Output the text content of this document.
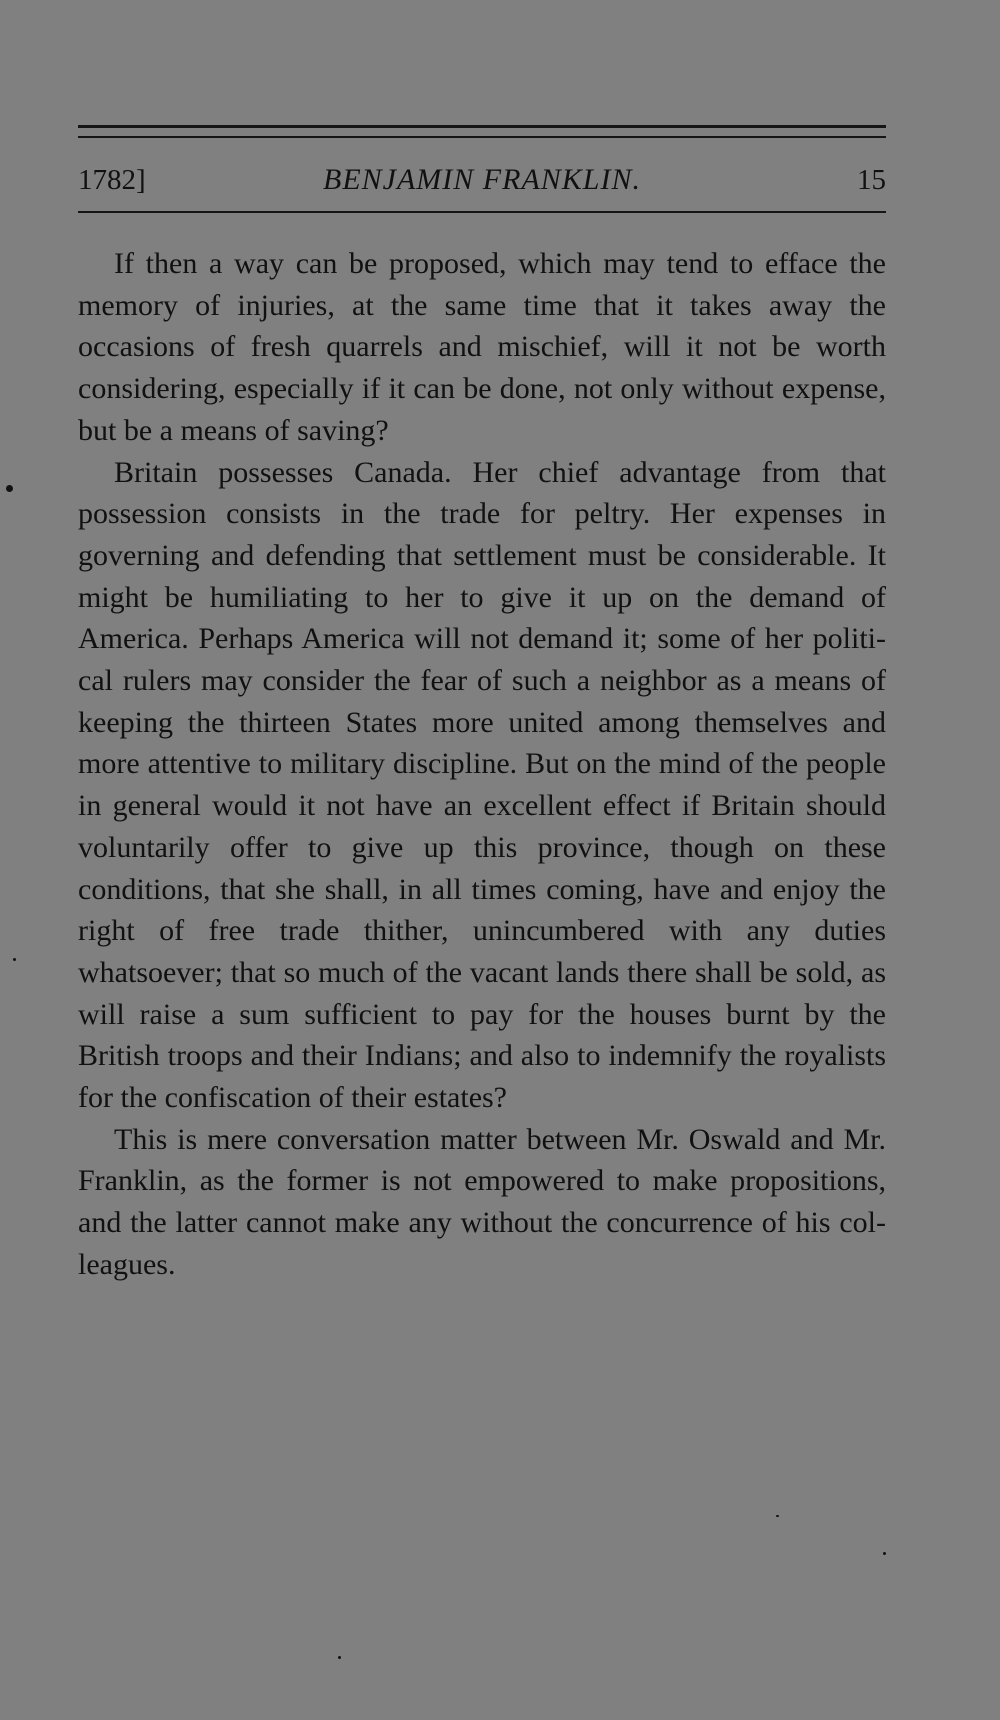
1782]	BENJAMIN FRANKLIN.	15

If then a way can be proposed, which may tend to efface the memory of injuries, at the same time that it takes away the occasions of fresh quarrels and mischief, will it not be worth considering, especially if it can be done, not only without expense, but be a means of saving?

Britain possesses Canada. Her chief advantage from that possession consists in the trade for peltry. Her expenses in governing and defending that settlement must be considerable. It might be humiliating to her to give it up on the demand of America. Perhaps America will not demand it; some of her political rulers may consider the fear of such a neighbor as a means of keeping the thirteen States more united among themselves and more attentive to military discipline. But on the mind of the people in general would it not have an excellent effect if Britain should voluntarily offer to give up this province, though on these conditions, that she shall, in all times coming, have and enjoy the right of free trade thither, unincumbered with any duties whatsoever; that so much of the vacant lands there shall be sold, as will raise a sum sufficient to pay for the houses burnt by the British troops and their Indians; and also to indemnify the royalists for the confiscation of their estates?

This is mere conversation matter between Mr. Oswald and Mr. Franklin, as the former is not empowered to make propositions, and the latter cannot make any without the concurrence of his colleagues.
